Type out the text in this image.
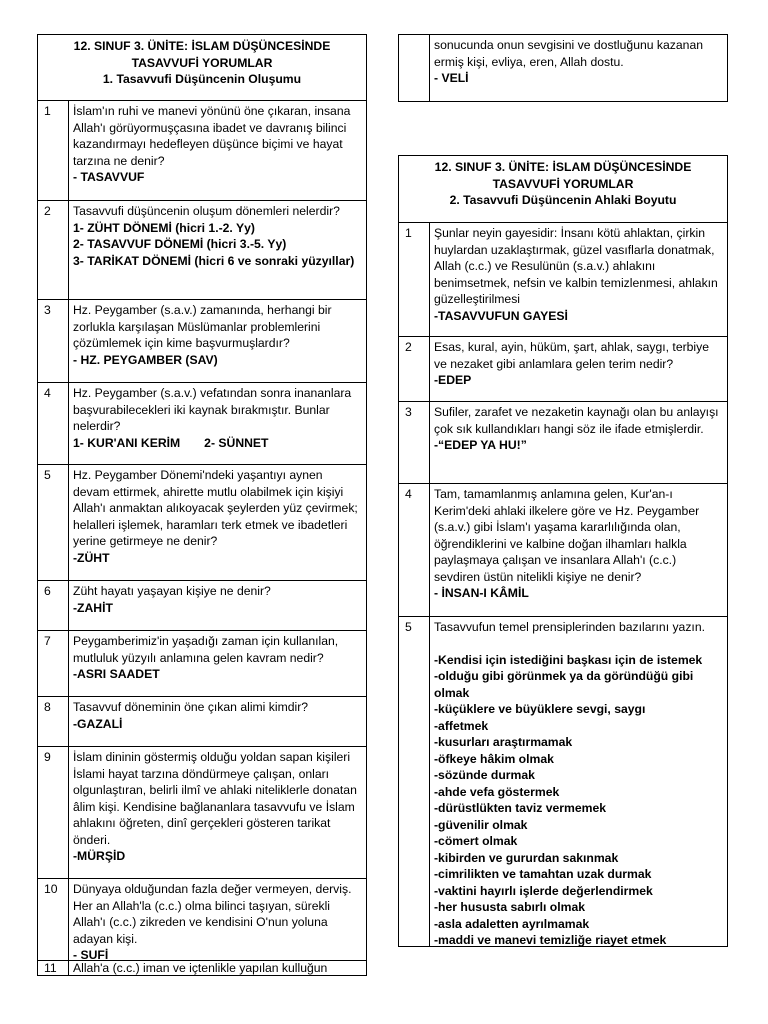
12. SINUF 3. ÜNİTE: İSLAM DÜŞÜNCESİNDE
TASAVVUFİ YORUMLAR
1. Tasavvufi Düşüncenin Oluşumu
1	İslam'ın ruhi ve manevi yönünü öne çıkaran, insana Allah'ı görüyormuşçasına ibadet ve davranış bilinci kazandırmayı hedefleyen düşünce biçimi ve hayat tarzına ne denir?
- TASAVVUF
2	Tasavvufi düşüncenin oluşum dönemleri nelerdir?
1- ZÜHT DÖNEMİ (hicri 1.-2. Yy)
2- TASAVVUF DÖNEMİ (hicri 3.-5. Yy)
3- TARİKAT DÖNEMİ (hicri 6 ve sonraki yüzyıllar)
3	Hz. Peygamber (s.a.v.) zamanında, herhangi bir zorlukla karşılaşan Müslümanlar problemlerini çözümlemek için kime başvurmuşlardır?
- HZ. PEYGAMBER (SAV)
4	Hz. Peygamber (s.a.v.) vefatından sonra inananlara başvurabilecekleri iki kaynak bırakmıştır. Bunlar nelerdir?
1- KUR'ANI KERİM 2- SÜNNET
5	Hz. Peygamber Dönemi'ndeki yaşantıyı aynen devam ettirmek, ahirette mutlu olabilmek için kişiyi Allah'ı anmaktan alıkoyacak şeylerden yüz çevirmek; helalleri işlemek, haramları terk etmek ve ibadetleri yerine getirmeye ne denir?
-ZÜHT
6	Züht hayatı yaşayan kişiye ne denir?
-ZAHİT
7	Peygamberimiz'in yaşadığı zaman için kullanılan, mutluluk yüzyılı anlamına gelen kavram nedir?
-ASRI SAADET
8	Tasavvuf döneminin öne çıkan alimi kimdir?
-GAZALİ
9	İslam dininin göstermiş olduğu yoldan sapan kişileri İslami hayat tarzına döndürmeye çalışan, onları olgunlaştıran, belirli ilmî ve ahlaki niteliklerle donatan âlim kişi. Kendisine bağlananlara tasavvufu ve İslam ahlakını öğreten, dinî gerçekleri gösteren tarikat önderi.
-MÜRŞİD
10	Dünyaya olduğundan fazla değer vermeyen, derviş. Her an Allah'la (c.c.) olma bilinci taşıyan, sürekli Allah'ı (c.c.) zikreden ve kendisini O'nun yoluna adayan kişi.
- SUFİ
11	Allah'a (c.c.) iman ve içtenlikle yapılan kulluğun
sonucunda onun sevgisini ve dostluğunu kazanan ermiş kişi, evliya, eren, Allah dostu.
- VELİ
12. SINUF 3. ÜNİTE: İSLAM DÜŞÜNCESİNDE
TASAVVUFİ YORUMLAR
2. Tasavvufi Düşüncenin Ahlaki Boyutu
1	Şunlar neyin gayesidir: İnsanı kötü ahlaktan, çirkin huylardan uzaklaştırmak, güzel vasıflarla donatmak, Allah (c.c.) ve Resulünün (s.a.v.) ahlakını benimsetmek, nefsin ve kalbin temizlenmesi, ahlakın güzelleştirilmesi
-TASAVVUFUN GAYESİ
2	Esas, kural, ayin, hüküm, şart, ahlak, saygı, terbiye ve nezaket gibi anlamlara gelen terim nedir?
-EDEP
3	Sufiler, zarafet ve nezaketin kaynağı olan bu anlayışı çok sık kullandıkları hangi söz ile ifade etmişlerdir.
-“EDEP YA HU!”
4	Tam, tamamlanmış anlamına gelen, Kur'an-ı Kerim'deki ahlaki ilkelere göre ve Hz. Peygamber (s.a.v.) gibi İslam'ı yaşama kararlılığında olan, öğrendiklerini ve kalbine doğan ilhamları halkla paylaşmaya çalışan ve insanlara Allah'ı (c.c.) sevdiren üstün nitelikli kişiye ne denir?
- İNSAN-I KÂMİL
5	Tasavvufun temel prensiplerinden bazılarını yazın.
-Kendisi için istediğini başkası için de istemek
-olduğu gibi görünmek ya da göründüğü gibi olmak
-küçüklere ve büyüklere sevgi, saygı
-affetmek
-kusurları araştırmamak
-öfkeye hâkim olmak
-sözünde durmak
-ahde vefa göstermek
-dürüstlükten taviz vermemek
-güvenilir olmak
-cömert olmak
-kibirden ve gururdan sakınmak
-cimrilikten ve tamahtan uzak durmak
-vaktini hayırlı işlerde değerlendirmek
-her hususta sabırlı olmak
-asla adaletten ayrılmamak
-maddi ve manevi temizliğe riayet etmek
